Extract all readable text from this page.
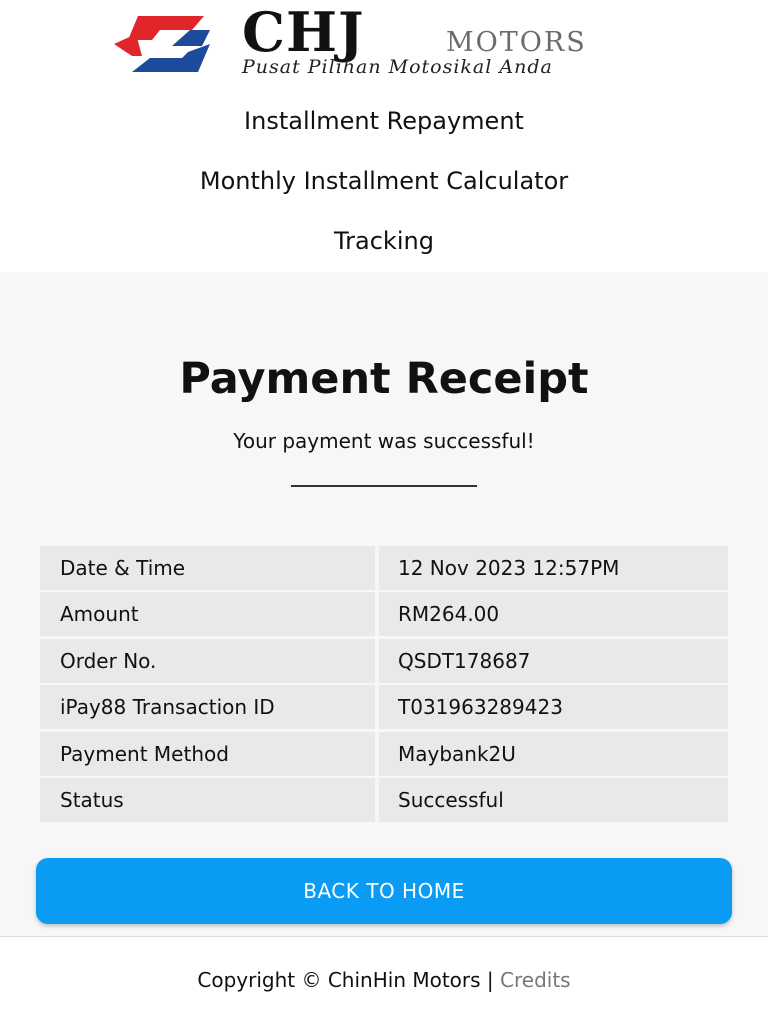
CHJ	MOTORS
Pusat Pilihan Motosikal Anda
Installment Repayment
Monthly Installment Calculator
Tracking
Payment Receipt

Your payment was successful!

Date & Time	12 Nov 2023 12:57PM
Amount	RM264.00
Order No.	QSDT178687
iPay88 Transaction ID	T031963289423
Payment Method	Maybank2U
Status	Successful
BACK TO HOME
Copyright © ChinHin Motors | Credits
